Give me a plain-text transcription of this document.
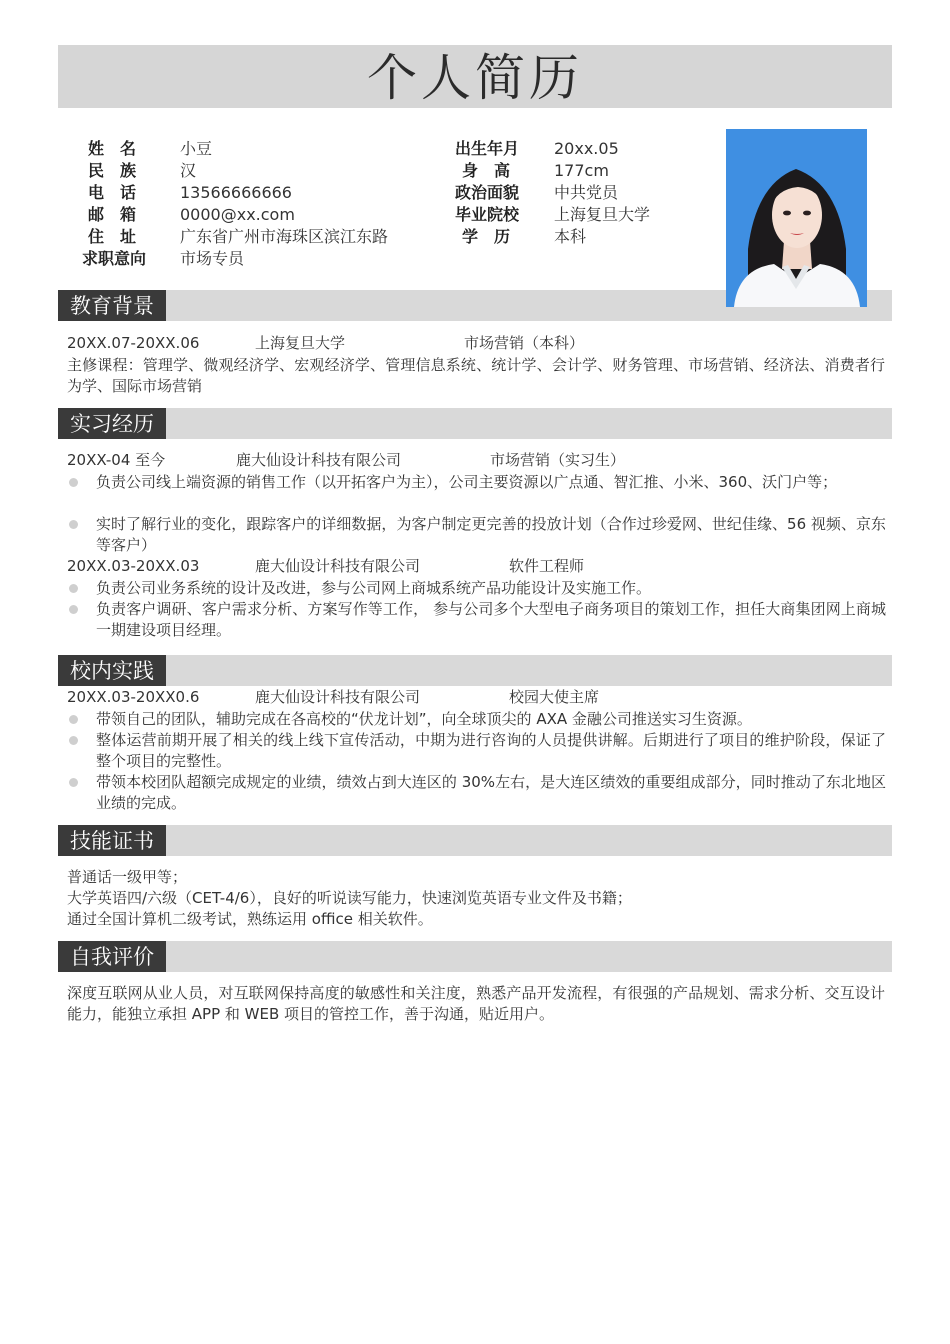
个人简历
姓　名	小豆
民　族	汉
电　话	13566666666
邮　箱	0000@xx.com
住　址	广东省广州市海珠区滨江东路
求职意向 市场专员
出生年月 20xx.05
身　高	177cm
政治面貌 中共党员
毕业院校 上海复旦大学
学　历	本科
教育背景
20XX.07-20XX.06	上海复旦大学	市场营销（本科）
主修课程：管理学、微观经济学、宏观经济学、管理信息系统、统计学、会计学、财务管理、市场营销、经济法、消费者行为学、国际市场营销
实习经历
20XX-04 至今	鹿大仙设计科技有限公司	市场营销（实习生）
负责公司线上端资源的销售工作（以开拓客户为主），公司主要资源以广点通、智汇推、小米、360、沃门户等；
实时了解行业的变化，跟踪客户的详细数据，为客户制定更完善的投放计划（合作过珍爱网、世纪佳缘、56 视频、京东等客户）
20XX.03-20XX.03	鹿大仙设计科技有限公司	软件工程师
负责公司业务系统的设计及改进，参与公司网上商城系统产品功能设计及实施工作。
负责客户调研、客户需求分析、方案写作等工作， 参与公司多个大型电子商务项目的策划工作，担任大商集团网上商城一期建设项目经理。
校内实践
20XX.03-20XX0.6	鹿大仙设计科技有限公司	校园大使主席
带领自己的团队，辅助完成在各高校的“伏龙计划”，向全球顶尖的 AXA 金融公司推送实习生资源。
整体运营前期开展了相关的线上线下宣传活动，中期为进行咨询的人员提供讲解。后期进行了项目的维护阶段，保证了整个项目的完整性。
带领本校团队超额完成规定的业绩，绩效占到大连区的 30%左右，是大连区绩效的重要组成部分，同时推动了东北地区业绩的完成。
技能证书
普通话一级甲等；
大学英语四/六级（CET-4/6），良好的听说读写能力，快速浏览英语专业文件及书籍；
通过全国计算机二级考试，熟练运用 office 相关软件。
自我评价
深度互联网从业人员，对互联网保持高度的敏感性和关注度，熟悉产品开发流程，有很强的产品规划、需求分析、交互设计能力，能独立承担 APP 和 WEB 项目的管控工作，善于沟通，贴近用户。
